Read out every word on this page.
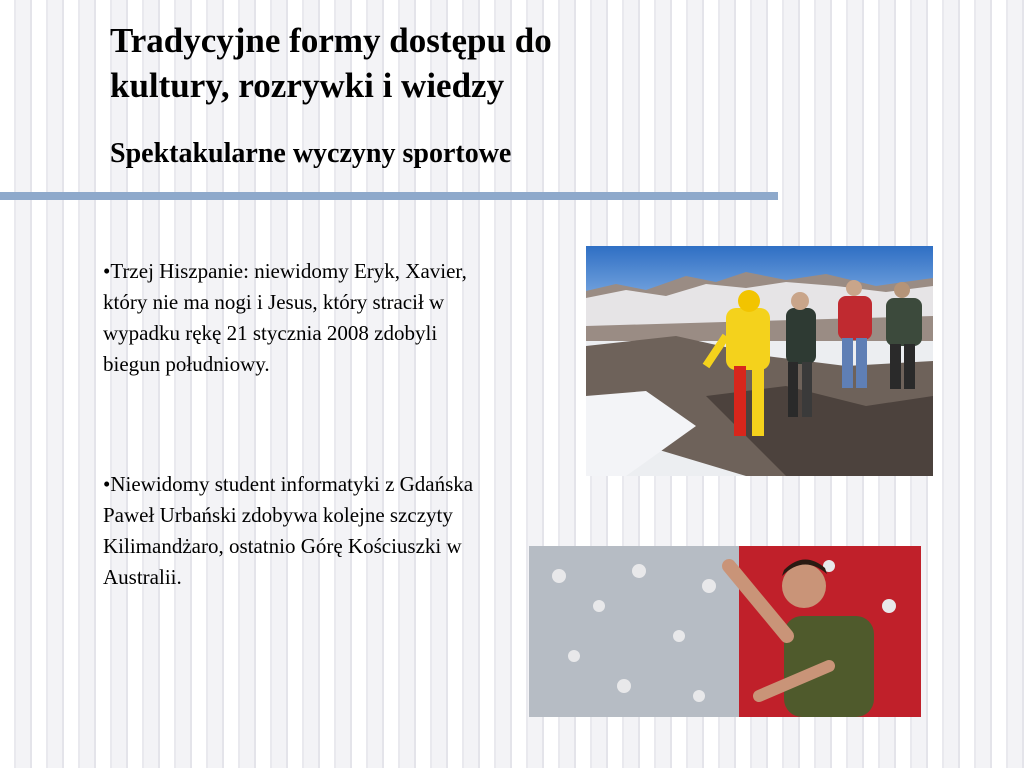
Tradycyjne formy dostępu do
kultury, rozrywki i wiedzy
Spektakularne wyczyny sportowe

•Trzej Hiszpanie: niewidomy Eryk, Xavier, który nie ma nogi i Jesus, który stracił w wypadku rękę 21 stycznia 2008 zdobyli biegun południowy.

•Niewidomy student informatyki z Gdańska Paweł Urbański zdobywa kolejne szczyty Kilimandżaro, ostatnio Górę Kościuszki w Australii.
